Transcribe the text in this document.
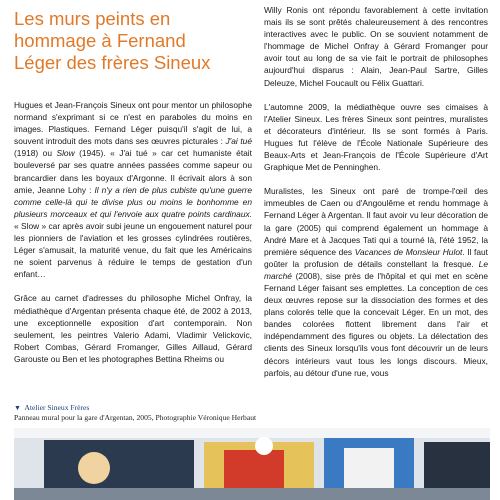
Les murs peints en hommage à Fernand Léger des frères Sineux

Hugues et Jean-François Sineux ont pour mentor un philosophe normand s'exprimant si ce n'est en paraboles du moins en images. Plastiques. Fernand Léger puisqu'il s'agit de lui, a souvent introduit des mots dans ses œuvres picturales : J'ai tué (1918) ou Slow (1945). « J'ai tué » car cet humaniste était bouleversé par ses quatre années passées comme sapeur ou brancardier dans les boyaux d'Argonne. Il écrivait alors à son amie, Jeanne Lohy : Il n'y a rien de plus cubiste qu'une guerre comme celle-là qui te divise plus ou moins le bonhomme en plusieurs morceaux et qui l'envoie aux quatre points cardinaux. « Slow » car après avoir subi jeune un engouement naturel pour les pionniers de l'aviation et les grosses cylindrées routières, Léger s'amusait, la maturité venue, du fait que les Américains ne soient parvenus à réduire le temps de gestation d'un enfant…

Grâce au carnet d'adresses du philosophe Michel Onfray, la médiathèque d'Argentan présenta chaque été, de 2002 à 2013, une exceptionnelle exposition d'art contemporain. Non seulement, les peintres Valerio Adami, Vladimir Velickovic, Robert Combas, Gérard Fromanger, Gilles Aillaud, Gérard Garouste ou Ben et les photographes Bettina Rheims ou

Willy Ronis ont répondu favorablement à cette invitation mais ils se sont prêtés chaleureusement à des rencontres interactives avec le public. On se souvient notamment de l'hommage de Michel Onfray à Gérard Fromanger pour avoir tout au long de sa vie fait le portrait de philosophes aujourd'hui disparus : Alain, Jean-Paul Sartre, Gilles Deleuze, Michel Foucault ou Félix Guattari.

L'automne 2009, la médiathèque ouvre ses cimaises à l'Atelier Sineux. Les frères Sineux sont peintres, muralistes et décorateurs d'intérieur. Ils se sont formés à Paris. Hugues fut l'élève de l'École Nationale Supérieure des Beaux-Arts et Jean-François de l'École Supérieure d'Art Graphique Met de Penninghen.

Muralistes, les Sineux ont paré de trompe-l'œil des immeubles de Caen ou d'Angoulême et rendu hommage à Fernand Léger à Argentan. Il faut avoir vu leur décoration de la gare (2005) qui comprend également un hommage à André Mare et à Jacques Tati qui a tourné là, l'été 1952, la première séquence des Vacances de Monsieur Hulot. Il faut goûter la profusion de détails constellant la fresque. Le marché (2008), sise près de l'hôpital et qui met en scène Fernand Léger faisant ses emplettes. La conception de ces deux œuvres repose sur la dissociation des formes et des plans colorés telle que la concevait Léger. En un mot, des bandes colorées flottent librement dans l'air et indépendamment des figures ou objets. La délectation des clients des Sineux lorsqu'ils vous font découvrir un de leurs décors intérieurs vaut tous les longs discours. Mieux, parfois, au détour d'une rue, vous

▼ Atelier Sineux Frères
Panneau mural pour la gare d'Argentan, 2005, Photographie Véronique Herbaut
